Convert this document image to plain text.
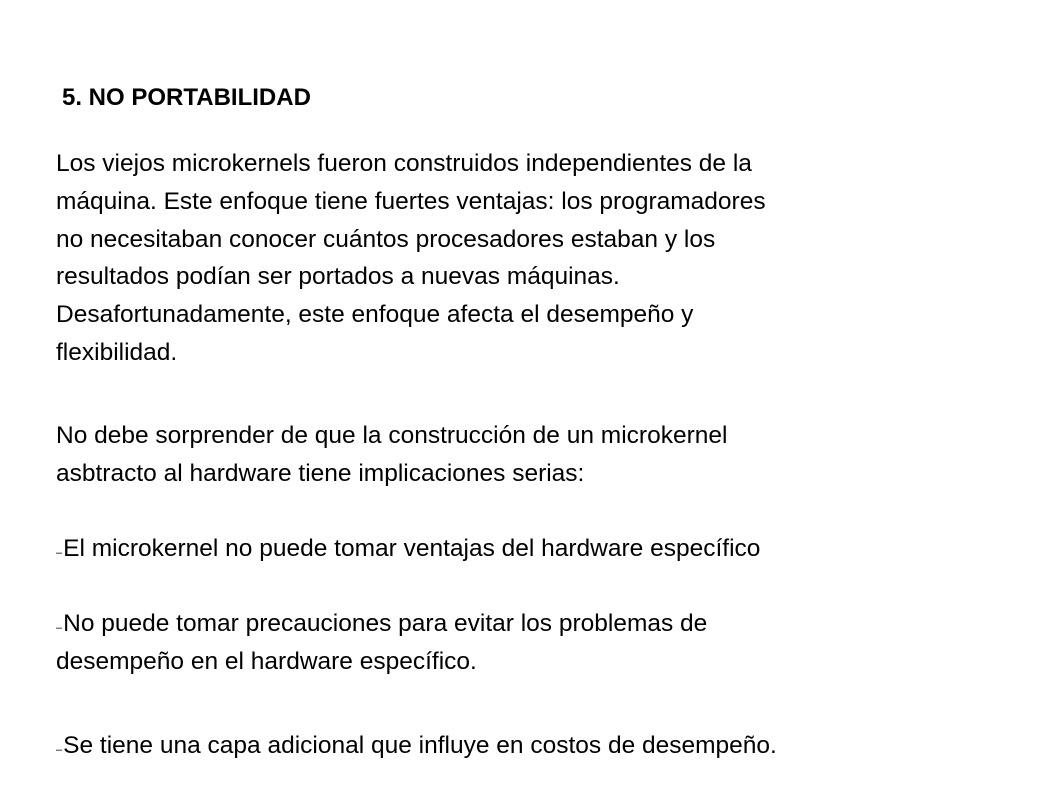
5. NO PORTABILIDAD
Los viejos microkernels fueron construidos independientes de la
máquina. Este enfoque tiene fuertes ventajas: los programadores
no necesitaban conocer cuántos procesadores estaban y los
resultados podían ser portados a nuevas máquinas.
Desafortunadamente, este enfoque afecta el desempeño y
flexibilidad.
No debe sorprender de que la construcción de un microkernel
asbtracto al hardware tiene implicaciones serias:
–El microkernel no puede tomar ventajas del hardware específico
–No puede tomar precauciones para evitar los problemas de
desempeño en el hardware específico.
–Se tiene una capa adicional que influye en costos de desempeño.
